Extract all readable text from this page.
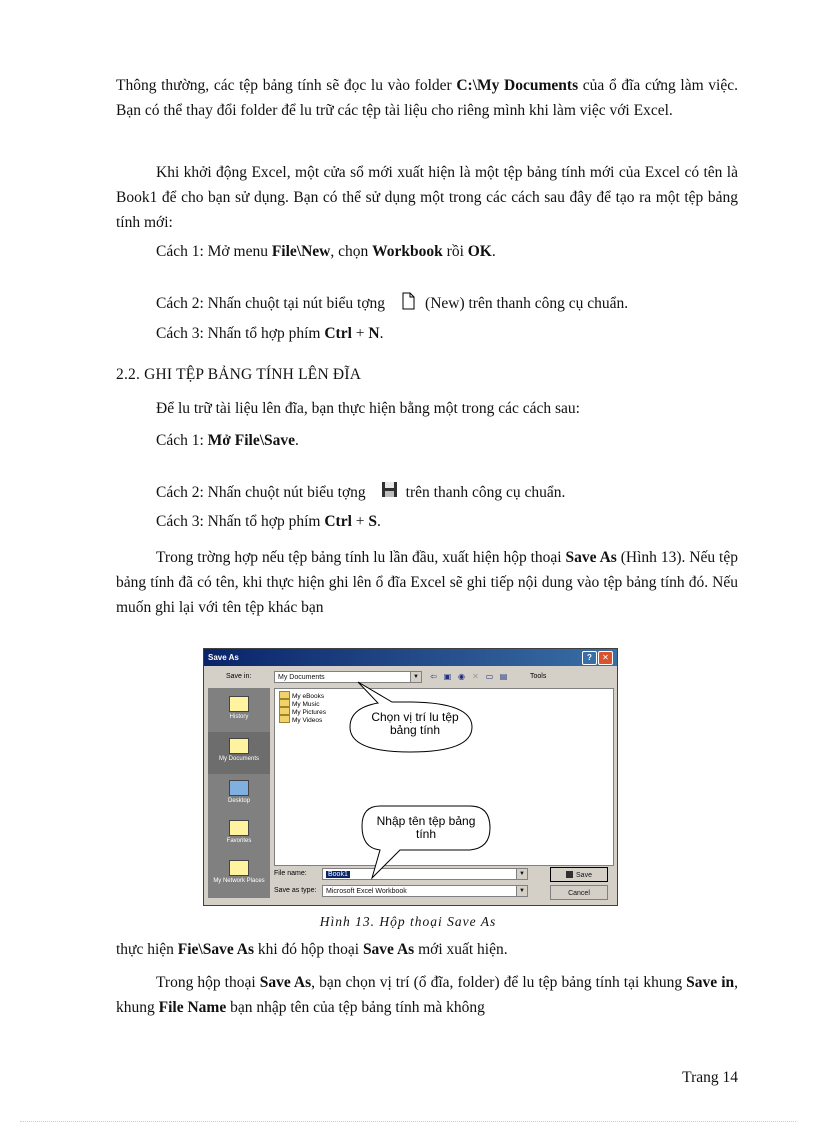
Thông thường, các tệp bảng tính sẽ đọc lu vào folder C:\My Documents của ổ đĩa cứng làm việc. Bạn có thể thay đổi folder để lu trữ các tệp tài liệu cho riêng mình khi làm việc với Excel.

Khi khởi động Excel, một cửa sổ mới xuất hiện là một tệp bảng tính mới của Excel có tên là Book1 để cho bạn sử dụng. Bạn có thể sử dụng một trong các cách sau đây để tạo ra một tệp bảng tính mới:

Cách 1: Mở menu File\New, chọn Workbook rồi OK.

Cách 2: Nhấn chuột tại nút biểu tợng	(New) trên thanh công cụ chuẩn.

Cách 3: Nhấn tổ hợp phím Ctrl + N.

2.2. GHI TỆP BẢNG TÍNH LÊN ĐĨA

Để lu trữ tài liệu lên đĩa, bạn thực hiện bằng một trong các cách sau:

Cách 1: Mở File\Save.

Cách 2: Nhấn chuột nút biểu tợng	trên thanh công cụ chuẩn.

Cách 3: Nhấn tổ hợp phím Ctrl + S.

Trong trờng hợp nếu tệp bảng tính lu lần đầu, xuất hiện hộp thoại Save As (Hình 13). Nếu tệp bảng tính đã có tên, khi thực hiện ghi lên ổ đĩa Excel sẽ ghi tiếp nội dung vào tệp bảng tính đó. Nếu muốn ghi lại với tên tệp khác bạn

Save As	?	✕
Save in:	My Documents	▼ ⇦ ▣ ◉ ✕ ▭ ▤	Tools
History
My Documents
Desktop
Favorites
My Network Places
My eBooks
My Music
My Pictures
My Videos
File name:	Book1	▼
Save as type:	Microsoft Excel Workbook	▼
Save
Cancel
Chọn vị trí lu tệp bảng tính
Nhập tên tệp bảng tính

Hình 13. Hộp thoại Save As

thực hiện Fie\Save As khi đó hộp thoại Save As mới xuất hiện.

Trong hộp thoại Save As, bạn chọn vị trí (ổ đĩa, folder) để lu tệp bảng tính tại khung Save in, khung File Name bạn nhập tên của tệp bảng tính mà không

Trang 14
